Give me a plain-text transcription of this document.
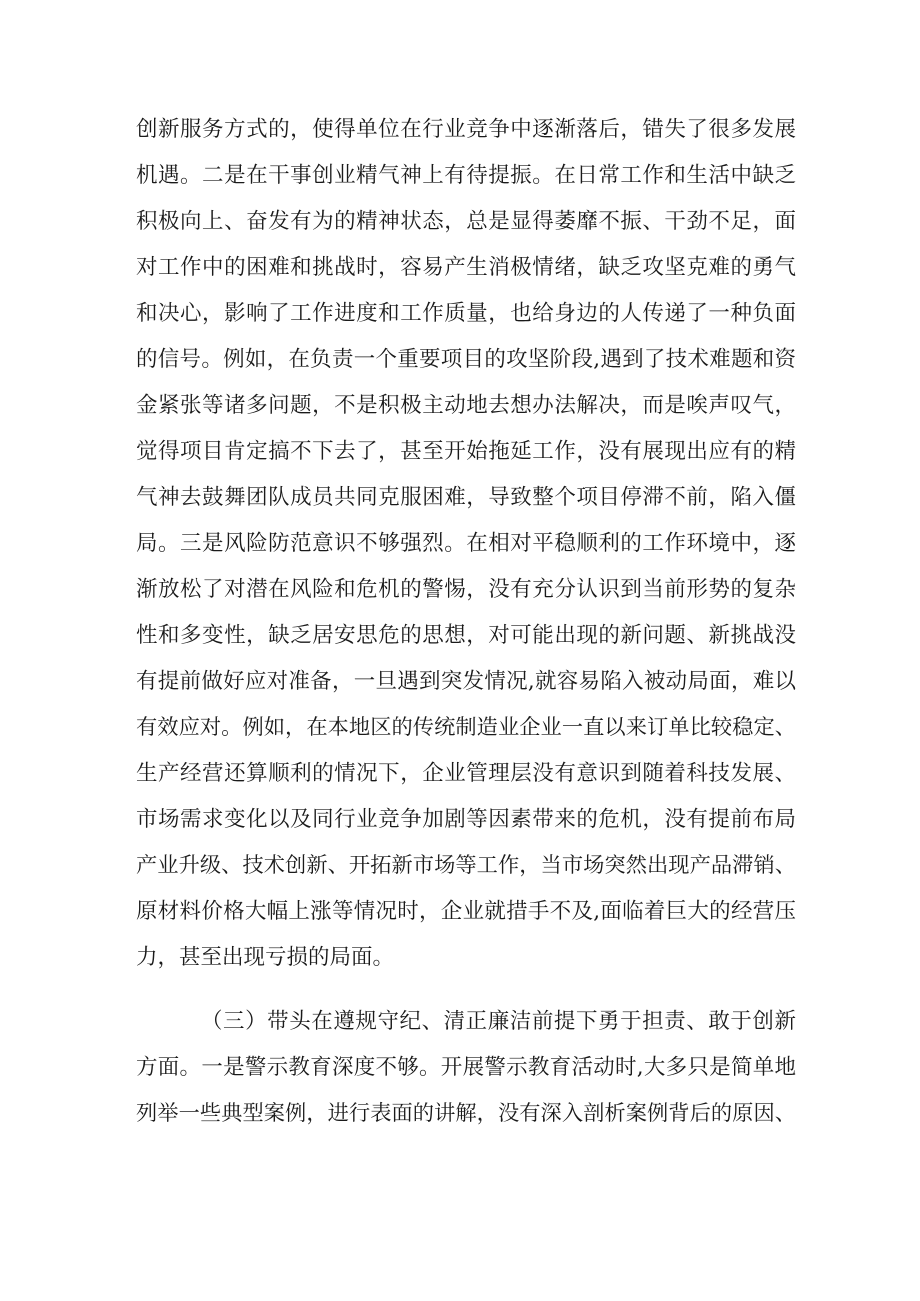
创新服务方式的，使得单位在行业竞争中逐渐落后，错失了很多发展
机遇。二是在干事创业精气神上有待提振。在日常工作和生活中缺乏
积极向上、奋发有为的精神状态，总是显得萎靡不振、干劲不足，面
对工作中的困难和挑战时，容易产生消极情绪，缺乏攻坚克难的勇气
和决心，影响了工作进度和工作质量，也给身边的人传递了一种负面
的信号。例如，在负责一个重要项目的攻坚阶段,遇到了技术难题和资
金紧张等诸多问题，不是积极主动地去想办法解决，而是唉声叹气，
觉得项目肯定搞不下去了，甚至开始拖延工作，没有展现出应有的精
气神去鼓舞团队成员共同克服困难，导致整个项目停滞不前，陷入僵
局。三是风险防范意识不够强烈。在相对平稳顺利的工作环境中，逐
渐放松了对潜在风险和危机的警惕，没有充分认识到当前形势的复杂
性和多变性，缺乏居安思危的思想，对可能出现的新问题、新挑战没
有提前做好应对准备，一旦遇到突发情况,就容易陷入被动局面，难以
有效应对。例如，在本地区的传统制造业企业一直以来订单比较稳定、
生产经营还算顺利的情况下，企业管理层没有意识到随着科技发展、
市场需求变化以及同行业竞争加剧等因素带来的危机，没有提前布局
产业升级、技术创新、开拓新市场等工作，当市场突然出现产品滞销、
原材料价格大幅上涨等情况时，企业就措手不及,面临着巨大的经营压
力，甚至出现亏损的局面。
（三）带头在遵规守纪、清正廉洁前提下勇于担责、敢于创新
方面。一是警示教育深度不够。开展警示教育活动时,大多只是简单地
列举一些典型案例，进行表面的讲解，没有深入剖析案例背后的原因、
